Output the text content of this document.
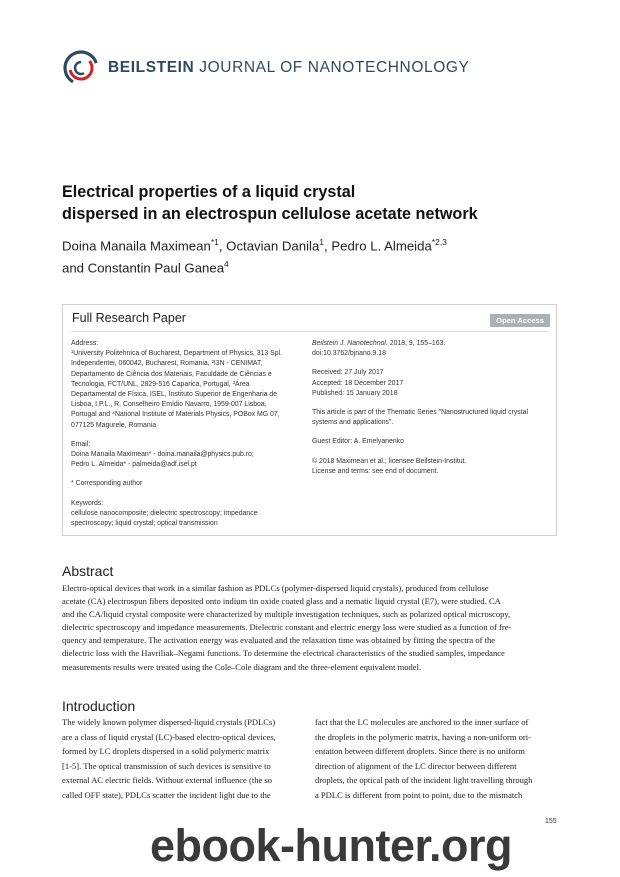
BEILSTEIN JOURNAL OF NANOTECHNOLOGY
Electrical properties of a liquid crystal
dispersed in an electrospun cellulose acetate network
Doina Manaila Maximean$^{*1}$, Octavian Danila$^1$, Pedro L. Almeida$^{*2,3}$
and Constantin Paul Ganea$^4$
Full Research Paper	Open Access

Address:

¹University Politehnica of Bucharest, Department of Physics, 313 Spl.

Independentei, 060042, Bucharest, Romania, ²I3N - CENIMAT,

Departamento de Ciência dos Materiais, Faculdade de Ciências e

Tecnologia, FCT/UNL, 2829-516 Caparica, Portugal, ³Área

Departamental de Física, ISEL, Instituto Superior de Engenharia de

Lisboa, I.P.L., R. Conselheiro Emídio Navarro, 1959-007 Lisboa,

Portugal and ⁴National Institute of Materials Physics, POBox MG 07,

077125 Magurele, Romania

Email:

Doina Manaila Maximean* - doina.manaila@physics.pub.ro;

Pedro L. Almeida* - palmeida@adf.isel.pt

* Corresponding author

Keywords:

cellulose nanocomposite; dielectric spectroscopy; impedance

spectroscopy; liquid crystal; optical transmission

Beilstein J. Nanotechnol. 2018, 9, 155–163.

doi:10.3762/bjnano.9.18

Received: 27 July 2017

Accepted: 18 December 2017

Published: 15 January 2018

This article is part of the Thematic Series "Nanostructured liquid crystal

systems and applications".

Guest Editor: A. Emelyanenko

© 2018 Maximean et al.; licensee Beilstein-Institut.

License and terms: see end of document.

Abstract
Electro-optical devices that work in a similar fashion as PDLCs (polymer-dispersed liquid crystals), produced from cellulose
acetate (CA) electrospun fibers deposited onto indium tin oxide coated glass and a nematic liquid crystal (E7), were studied. CA
and the CA/liquid crystal composite were characterized by multiple investigation techniques, such as polarized optical microscopy,
dielectric spectroscopy and impedance measurements. Dielectric constant and electric energy loss were studied as a function of fre-
quency and temperature. The activation energy was evaluated and the relaxation time was obtained by fitting the spectra of the
dielectric loss with the Havriliak–Negami functions. To determine the electrical characteristics of the studied samples, impedance
measurements results were treated using the Cole–Cole diagram and the three-element equivalent model.
Introduction
The widely known polymer dispersed-liquid crystals (PDLCs)
are a class of liquid crystal (LC)-based electro-optical devices,
formed by LC droplets dispersed in a solid polymeric matrix
[1-5]. The optical transmission of such devices is sensitive to
external AC electric fields. Without external influence (the so
called OFF state), PDLCs scatter the incident light due to the
fact that the LC molecules are anchored to the inner surface of
the droplets in the polymeric matrix, having a non-uniform ori-
entation between different droplets. Since there is no uniform
direction of alignment of the LC director between different
droplets, the optical path of the incident light travelling through
a PDLC is different from point to point, due to the mismatch
155
ebook-hunter.org
